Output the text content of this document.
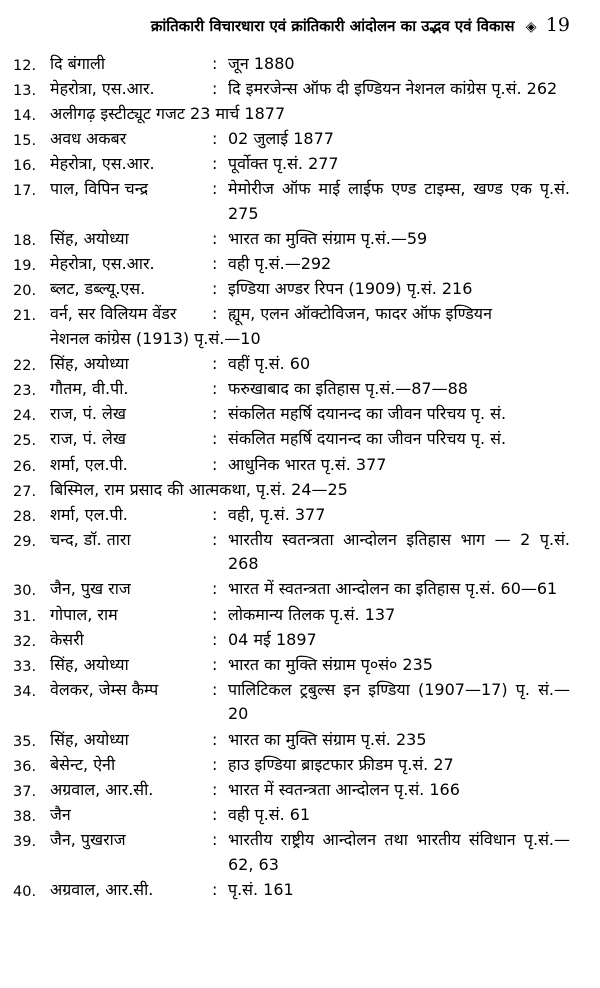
क्रांतिकारी विचारधारा एवं क्रांतिकारी आंदोलन का उद्भव एवं विकास ◈ 19
12. दि बंगाली	: जून 1880
13. मेहरोत्रा, एस.आर.	: दि इमरजेन्स ऑफ दी इण्डियन नेशनल कांग्रेस पृ.सं. 262
14. अलीगढ़ इस्टीट्यूट गजट 23 मार्च 1877
15. अवध अकबर	: 02 जुलाई 1877
16. मेहरोत्रा, एस.आर.	: पूर्वोक्त पृ.सं. 277
17. पाल, विपिन चन्द्र	: मेमोरीज ऑफ माई लाईफ एण्ड टाइम्स, खण्ड एक पृ.सं. 275
18. सिंह, अयोध्या	: भारत का मुक्ति संग्राम पृ.सं.—59
19. मेहरोत्रा, एस.आर.	: वही पृ.सं.—292
20. ब्लट, डब्ल्यू.एस.	: इण्डिया अण्डर रिपन (1909) पृ.सं. 216
21. वर्न, सर विलियम वेंडर : ह्यूम, एलन ऑक्टोविजन, फादर ऑफ इण्डियन
नेशनल कांग्रेस (1913) पृ.सं.—10
22. सिंह, अयोध्या	: वहीं पृ.सं. 60
23. गौतम, वी.पी.	: फरुखाबाद का इतिहास पृ.सं.—87—88
24. राज, पं. लेख	: संकलित महर्षि दयानन्द का जीवन परिचय पृ. सं.
25. राज, पं. लेख	: संकलित महर्षि दयानन्द का जीवन परिचय पृ. सं.
26. शर्मा, एल.पी.	: आधुनिक भारत पृ.सं. 377
27. बिस्मिल, राम प्रसाद की आत्मकथा, पृ.सं. 24—25
28. शर्मा, एल.पी.	: वही, पृ.सं. 377
29. चन्द, डॉ. तारा	: भारतीय स्वतन्त्रता आन्दोलन इतिहास भाग — 2 पृ.सं. 268
30. जैन, पुख राज	: भारत में स्वतन्त्रता आन्दोलन का इतिहास पृ.सं. 60—61
31. गोपाल, राम	: लोकमान्य तिलक पृ.सं. 137
32. केसरी	: 04 मई 1897
33. सिंह, अयोध्या	: भारत का मुक्ति संग्राम पृ०सं० 235
34. वेलकर, जेम्स कैम्प	: पालिटिकल ट्रबुल्स इन इण्डिया (1907—17) पृ. सं.—20
35. सिंह, अयोध्या	: भारत का मुक्ति संग्राम पृ.सं. 235
36. बेसेन्ट, ऐनी	: हाउ इण्डिया ब्राइटफार फ्रीडम पृ.सं. 27
37. अग्रवाल, आर.सी.	: भारत में स्वतन्त्रता आन्दोलन पृ.सं. 166
38. जैन	: वही पृ.सं. 61
39. जैन, पुखराज	: भारतीय राष्ट्रीय आन्दोलन तथा भारतीय संविधान पृ.सं.—62, 63
40. अग्रवाल, आर.सी.	: पृ.सं. 161
